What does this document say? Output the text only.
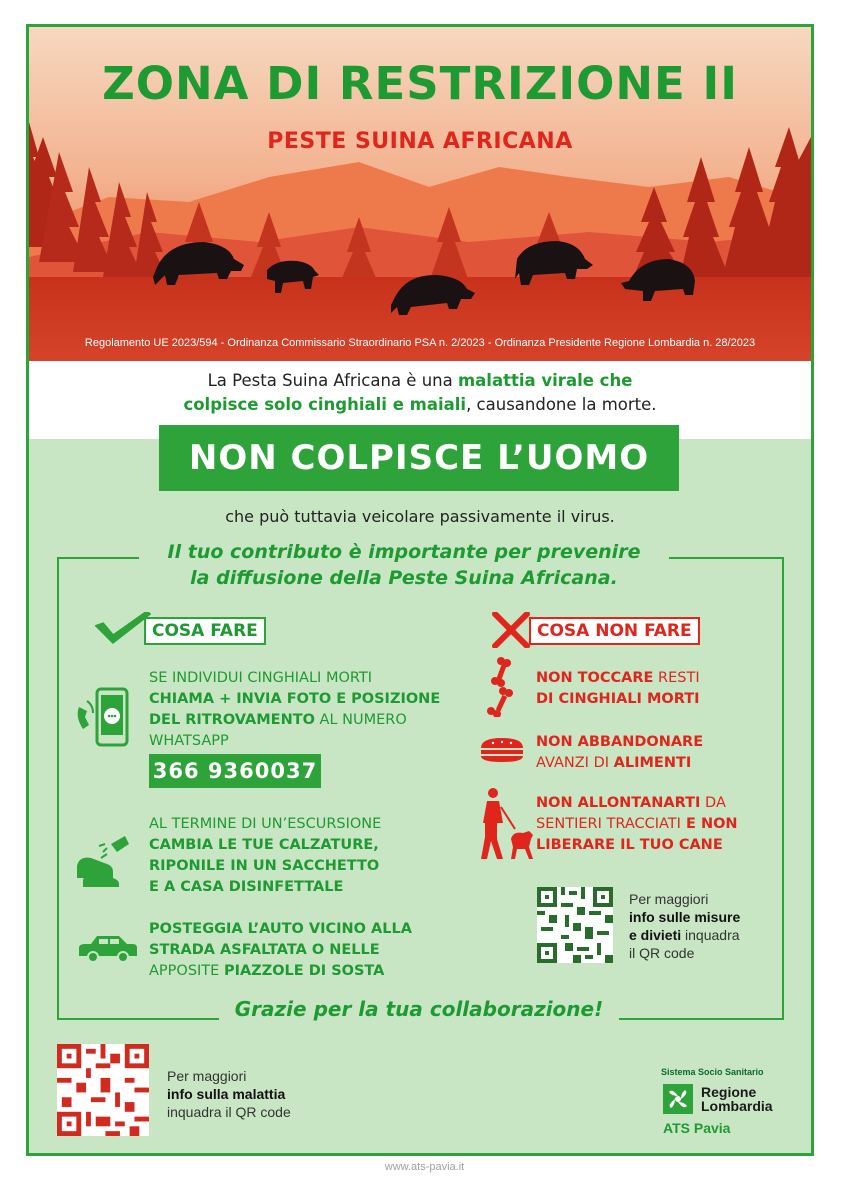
ZONA DI RESTRIZIONE II
PESTE SUINA AFRICANA
Regolamento UE 2023/594 - Ordinanza Commissario Straordinario PSA n. 2/2023 - Ordinanza Presidente Regione Lombardia n. 28/2023
La Pesta Suina Africana è una malattia virale che
colpisce solo cinghiali e maiali, causandone la morte.
NON COLPISCE L’UOMO
che può tuttavia veicolare passivamente il virus.
Il tuo contributo è importante per prevenire
la diffusione della Peste Suina Africana.
COSA FARE	COSA NON FARE
SE INDIVIDUI CINGHIALI MORTI
CHIAMA + INVIA FOTO E POSIZIONE
DEL RITROVAMENTO AL NUMERO
WHATSAPP
366 9360037
AL TERMINE DI UN’ESCURSIONE
CAMBIA LE TUE CALZATURE,
RIPONILE IN UN SACCHETTO
E A CASA DISINFETTALE
POSTEGGIA L’AUTO VICINO ALLA
STRADA ASFALTATA O NELLE
APPOSITE PIAZZOLE DI SOSTA
NON TOCCARE RESTI
DI CINGHIALI MORTI
NON ABBANDONARE
AVANZI DI ALIMENTI
NON ALLONTANARTI DA
SENTIERI TRACCIATI E NON
LIBERARE IL TUO CANE
Per maggiori
info sulle misure
e divieti inquadra
il QR code
Grazie per la tua collaborazione!
Per maggiori
info sulla malattia
inquadra il QR code
Sistema Socio Sanitario
Regione
Lombardia
ATS Pavia
www.ats-pavia.it
